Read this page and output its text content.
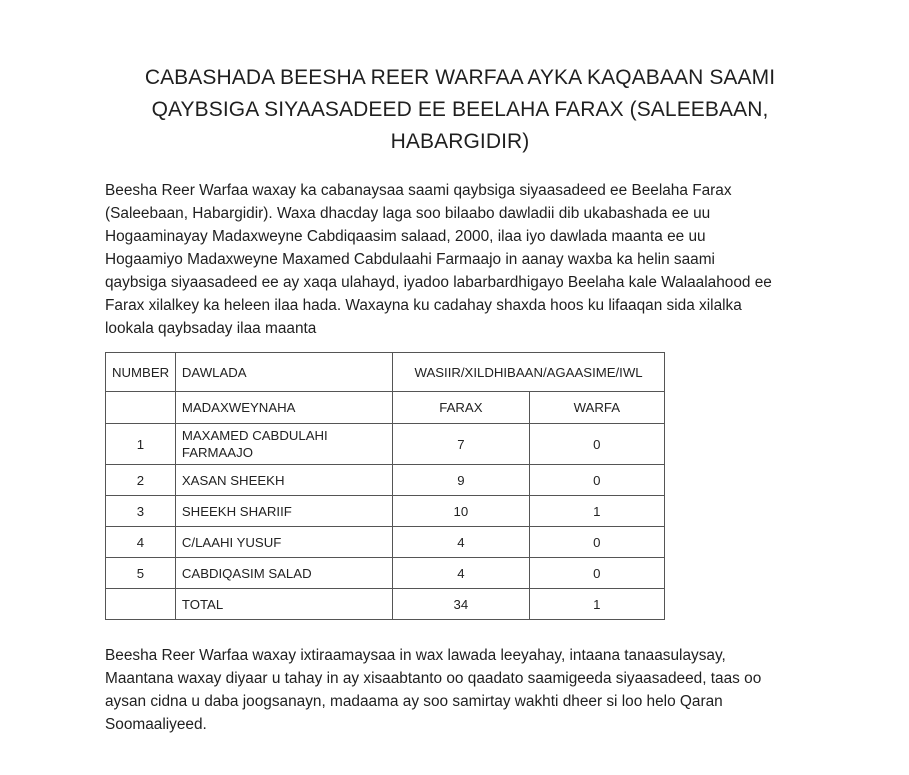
CABASHADA BEESHA REER WARFAA AYKA KAQABAAN SAAMI
QAYBSIGA SIYAASADEED EE BEELAHA FARAX (SALEEBAAN,
HABARGIDIR)
Beesha Reer Warfaa waxay ka cabanaysaa saami qaybsiga siyaasadeed ee Beelaha Farax
(Saleebaan, Habargidir). Waxa dhacday laga soo bilaabo dawladii dib ukabashada ee uu
Hogaaminayay Madaxweyne Cabdiqaasim salaad, 2000, ilaa iyo dawlada maanta ee uu
Hogaamiyo Madaxweyne Maxamed Cabdulaahi Farmaajo in aanay waxba ka helin saami
qaybsiga siyaasadeed ee ay xaqa ulahayd, iyadoo labarbardhigayo Beelaha kale Walaalahood ee
Farax xilalkey ka heleen ilaa hada. Waxayna ku cadahay shaxda hoos ku lifaaqan sida xilalka
lookala qaybsaday ilaa maanta
NUMBER	DAWLADA	WASIIR/XILDHIBAAN/AGAASIME/IWL	
	MADAXWEYNAHA	FARAX	WARFA
1	MAXAMED CABDULAHI
FARMAAJO	7	0
2	XASAN SHEEKH	9	0
3	SHEEKH SHARIIF	10	1
4	C/LAAHI YUSUF	4	0
5	CABDIQASIM SALAD	4	0
	TOTAL	34	1
Beesha Reer Warfaa waxay ixtiraamaysaa in wax lawada leeyahay, intaana tanaasulaysay,
Maantana waxay diyaar u tahay in ay xisaabtanto oo qaadato saamigeeda siyaasadeed, taas oo
aysan cidna u daba joogsanayn, madaama ay soo samirtay wakhti dheer si loo helo Qaran
Soomaaliyeed.
